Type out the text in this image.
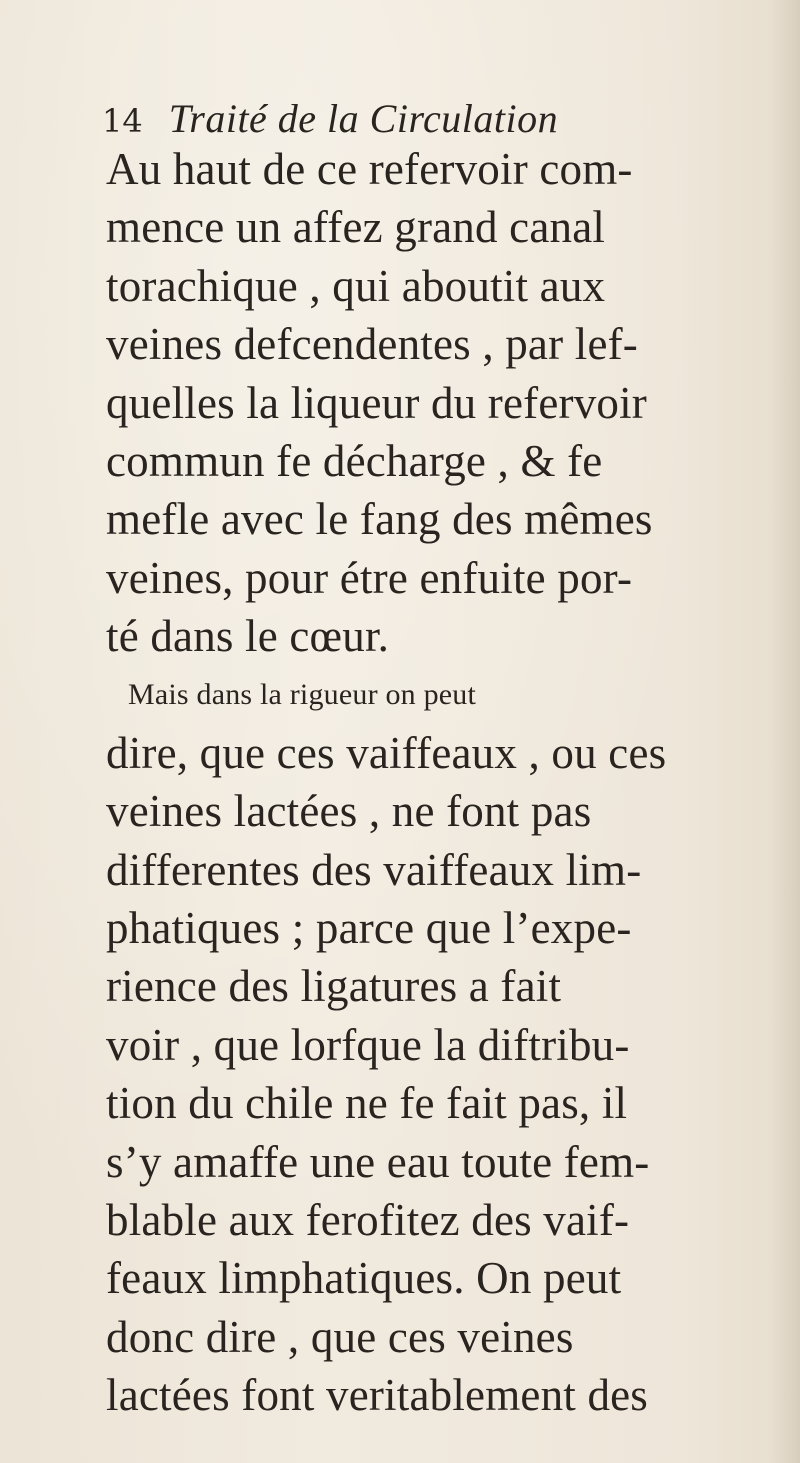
14 Traité de la Circulation
Au haut de ce refervoir com-
mence un affez grand canal
torachique , qui aboutit aux
veines defcendentes , par lef-
quelles la liqueur du refervoir
commun fe décharge , & fe
mefle avec le fang des mêmes
veines, pour étre enfuite por-
té dans le cœur.
Mais dans la rigueur on peut
dire, que ces vaiffeaux , ou ces
veines lactées , ne font pas
differentes des vaiffeaux lim-
phatiques ; parce que l’expe-
rience des ligatures a fait
voir , que lorfque la diftribu-
tion du chile ne fe fait pas, il
s’y amaffe une eau toute fem-
blable aux ferofitez des vaif-
feaux limphatiques. On peut
donc dire , que ces veines
lactées font veritablement des
